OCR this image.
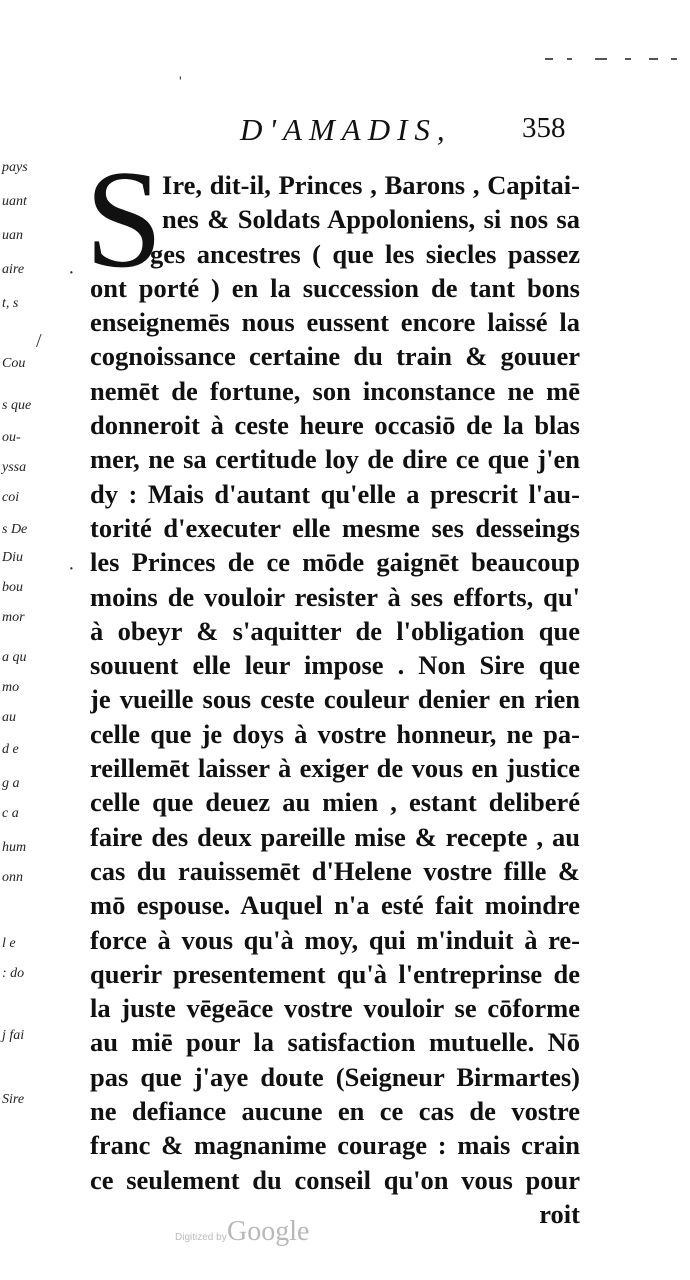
ˌ
D'AMADIS, 358
pays
uant
uan
aire
t, s
Cou
s que
ou-
yssa
coi
s De
Diu
bou
mor
a qu
mo
au
d e
g a
c a
hum
onn
l e
: do
j fai
Sire
/
·
·
S Ire, dit-il, Princes , Barons , Capitai-
nes & Soldats Appoloniens, si nos sa
ges ancestres ( que les siecles passez
ont porté ) en la succession de tant bons
enseignemēs nous eussent encore laissé la
cognoissance certaine du train & gouuer
nemēt de fortune, son inconstance ne mē
donneroit à ceste heure occasiō de la blas
mer, ne sa certitude loy de dire ce que j'en
dy : Mais d'autant qu'elle a prescrit l'au-
torité d'executer elle mesme ses desseings
les Princes de ce mōde gaignēt beaucoup
moins de vouloir resister à ses efforts, qu'
à obeyr & s'aquitter de l'obligation que
souuent elle leur impose . Non Sire que
je vueille sous ceste couleur denier en rien
celle que je doys à vostre honneur, ne pa-
reillemēt laisser à exiger de vous en justice
celle que deuez au mien , estant deliberé
faire des deux pareille mise & recepte , au
cas du rauissemēt d'Helene vostre fille &
mō espouse. Auquel n'a esté fait moindre
force à vous qu'à moy, qui m'induit à re-
querir presentement qu'à l'entreprinse de
la juste vēgeāce vostre vouloir se cōforme
au miē pour la satisfaction mutuelle. Nō
pas que j'aye doute (Seigneur Birmartes)
ne defiance aucune en ce cas de vostre
franc & magnanime courage : mais crain
ce seulement du conseil qu'on vous pour
roit
Digitized by Google
